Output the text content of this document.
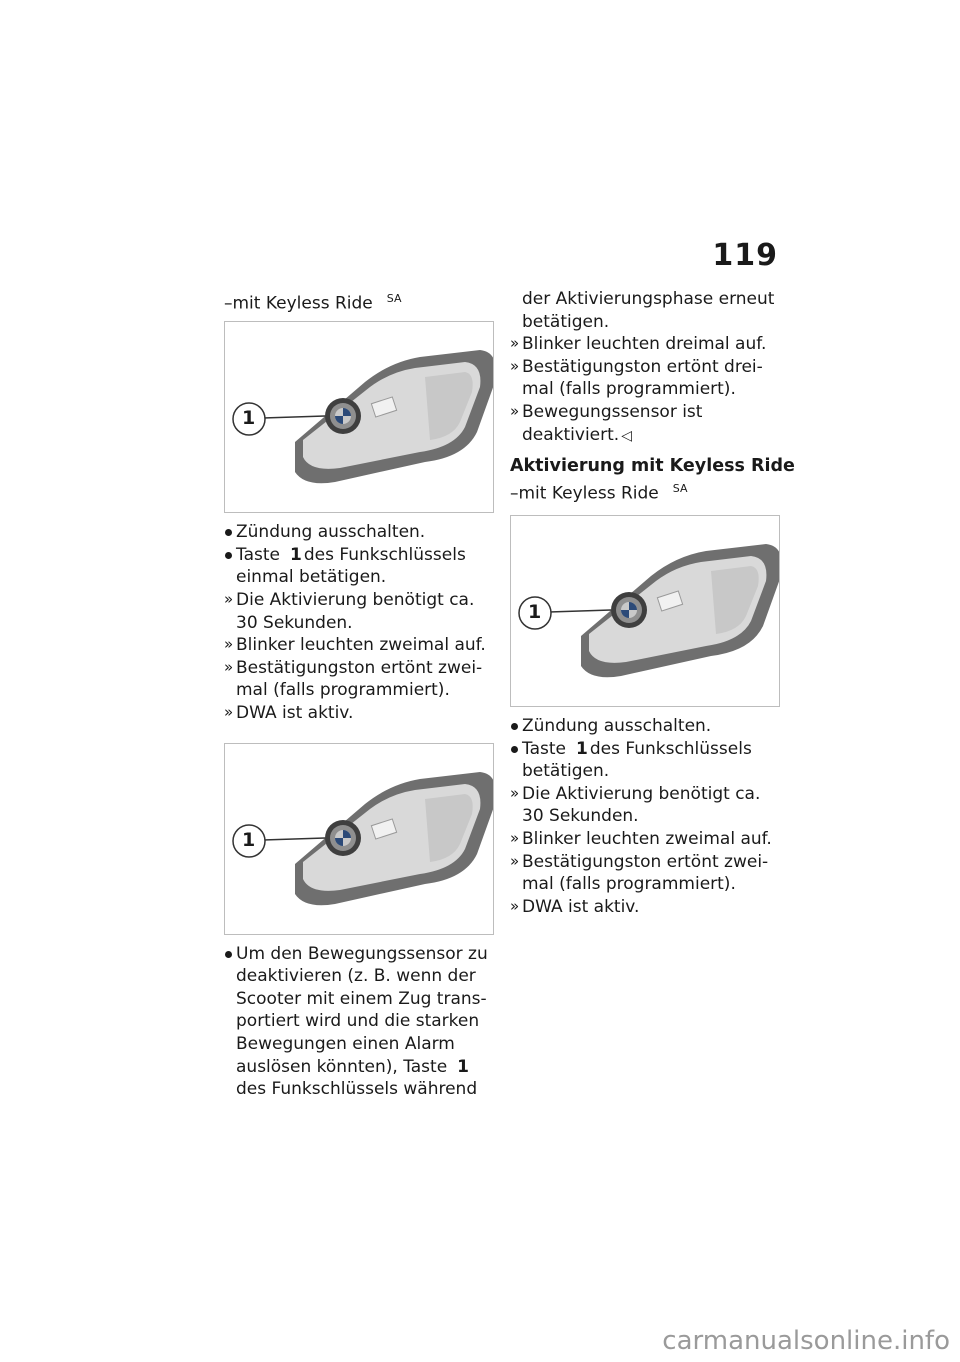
119
–mit Keyless Ride $^{SA}$
1
Zündung ausschalten.
Taste 1 des Funkschlüssels
einmal betätigen.
» Die Aktivierung benötigt ca.
30 Sekunden.
» Blinker leuchten zweimal auf.
» Bestätigungston ertönt zwei-
mal (falls programmiert).
» DWA ist aktiv.
1
Um den Bewegungssensor zu
deaktivieren (z. B. wenn der
Scooter mit einem Zug trans-
portiert wird und die starken
Bewegungen einen Alarm
auslösen könnten), Taste 1
des Funkschlüssels während
der Aktivierungsphase erneut
betätigen.
» Blinker leuchten dreimal auf.
» Bestätigungston ertönt drei-
mal (falls programmiert).
» Bewegungssensor ist
deaktiviert. ◁
Aktivierung mit Keyless Ride
–mit Keyless Ride $^{SA}$
1
Zündung ausschalten.
Taste 1 des Funkschlüssels
betätigen.
» Die Aktivierung benötigt ca.
30 Sekunden.
» Blinker leuchten zweimal auf.
» Bestätigungston ertönt zwei-
mal (falls programmiert).
» DWA ist aktiv.
carmanualsonline.info
